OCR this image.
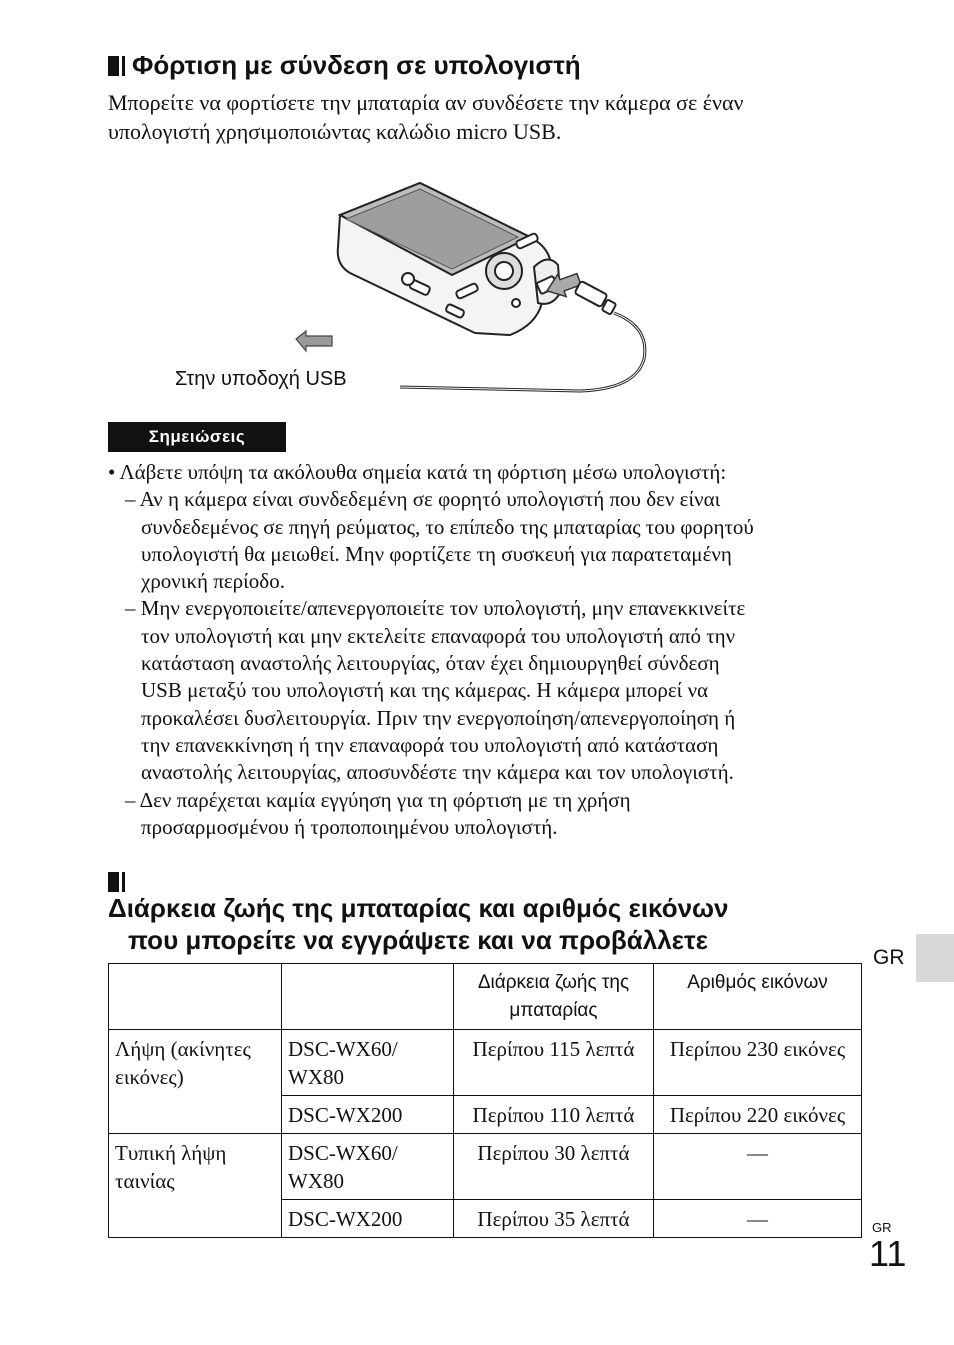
Φόρτιση με σύνδεση σε υπολογιστή
Μπορείτε να φορτίσετε την μπαταρία αν συνδέσετε την κάμερα σε έναν
υπολογιστή χρησιμοποιώντας καλώδιο micro USB.
Στην υποδοχή USB
Σημειώσεις
• Λάβετε υπόψη τα ακόλουθα σημεία κατά τη φόρτιση μέσω υπολογιστή:
– Αν η κάμερα είναι συνδεδεμένη σε φορητό υπολογιστή που δεν είναι
συνδεδεμένος σε πηγή ρεύματος, το επίπεδο της μπαταρίας του φορητού
υπολογιστή θα μειωθεί. Μην φορτίζετε τη συσκευή για παρατεταμένη
χρονική περίοδο.
– Μην ενεργοποιείτε/απενεργοποιείτε τον υπολογιστή, μην επανεκκινείτε
τον υπολογιστή και μην εκτελείτε επαναφορά του υπολογιστή από την
κατάσταση αναστολής λειτουργίας, όταν έχει δημιουργηθεί σύνδεση
USB μεταξύ του υπολογιστή και της κάμερας. Η κάμερα μπορεί να
προκαλέσει δυσλειτουργία. Πριν την ενεργοποίηση/απενεργοποίηση ή
την επανεκκίνηση ή την επαναφορά του υπολογιστή από κατάσταση
αναστολής λειτουργίας, αποσυνδέστε την κάμερα και τον υπολογιστή.
– Δεν παρέχεται καμία εγγύηση για τη φόρτιση με τη χρήση
προσαρμοσμένου ή τροποποιημένου υπολογιστή.
Διάρκεια ζωής της μπαταρίας και αριθμός εικόνων
που μπορείτε να εγγράψετε και να προβάλλετε
		Διάρκεια ζωής της μπαταρίας	Αριθμός εικόνων
Λήψη (ακίνητες εικόνες)	DSC-WX60/ WX80	Περίπου 115 λεπτά	Περίπου 230 εικόνες
	DSC-WX200	Περίπου 110 λεπτά	Περίπου 220 εικόνες
Τυπική λήψη ταινίας	DSC-WX60/ WX80	Περίπου 30 λεπτά	—
	DSC-WX200	Περίπου 35 λεπτά	—
GR
GR
11
